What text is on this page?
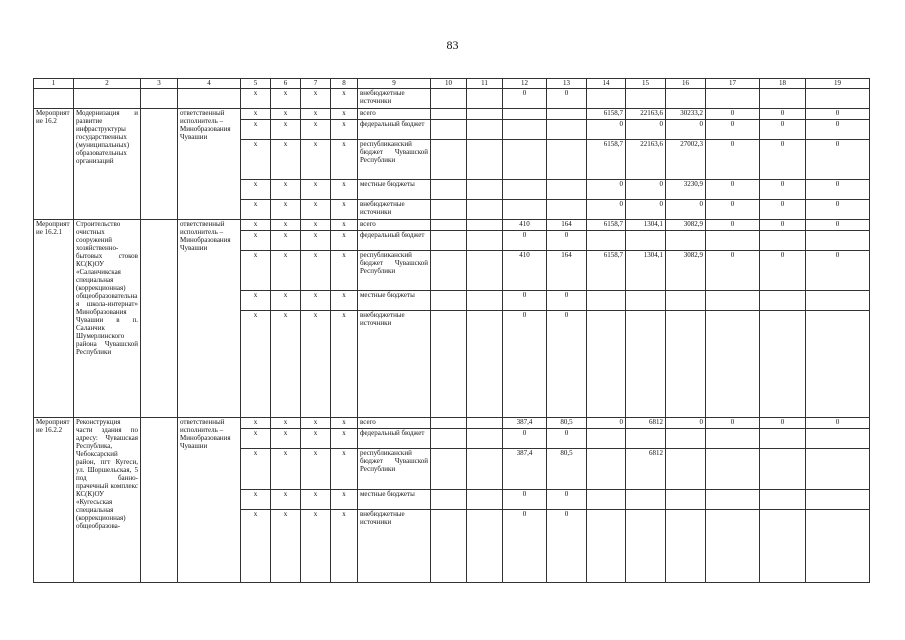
83
1	2	3	4	5	6	7	8	9	10	11	12	13	14	15	16	17	18	19
				x	x	x	x	внебюджетные источники			0	0						
Мероприятие 16.2	Модернизация и развитие инфраструктуры государственных (муниципальных) образовательных организаций		ответственный исполнитель – Минобразования Чувашии	x	x	x	x	всего					6158,7	22163,6	30233,2	0	0	0
				x	x	x	x	федеральный бюджет					0	0	0	0	0	0
				x	x	x	x	республиканский бюджет Чувашской Республики					6158,7	22163,6	27002,3	0	0	0
				x	x	x	x	местные бюджеты					0	0	3230,9	0	0	0
				x	x	x	x	внебюджетные источники					0	0	0	0	0	0
Мероприятие 16.2.1	Строительство очистных сооружений хозяйственно-бытовых стоков КС(К)ОУ «Саланчикская специальная (коррекционная) общеобразовательная школа-интернат» Минобразования Чувашии в п. Саланчик Шумерлинского района Чувашской Республики		ответственный исполнитель – Минобразования Чувашии	x	x	x	x	всего			410	164	6158,7	1304,1	3082,9	0	0	0
				x	x	x	x	федеральный бюджет			0	0						
				x	x	x	x	республиканский бюджет Чувашской Республики			410	164	6158,7	1304,1	3082,9	0	0	0
				x	x	x	x	местные бюджеты			0	0						
				x	x	x	x	внебюджетные источники			0	0						
Мероприятие 16.2.2	Реконструкция части здания по адресу: Чувашская Республика, Чебоксарский район, пгт Кугеси, ул. Шоршельская, 5 под банно-прачечный комплекс КС(К)ОУ «Кугесьская специальная (коррекционная) общеобразова-		ответственный исполнитель – Минобразования Чувашии	x	x	x	x	всего			387,4	80,5	0	6812	0	0	0	0
				x	x	x	x	федеральный бюджет			0	0						
				x	x	x	x	республиканский бюджет Чувашской Республики			387,4	80,5		6812				
				x	x	x	x	местные бюджеты			0	0						
				x	x	x	x	внебюджетные источники			0	0						
